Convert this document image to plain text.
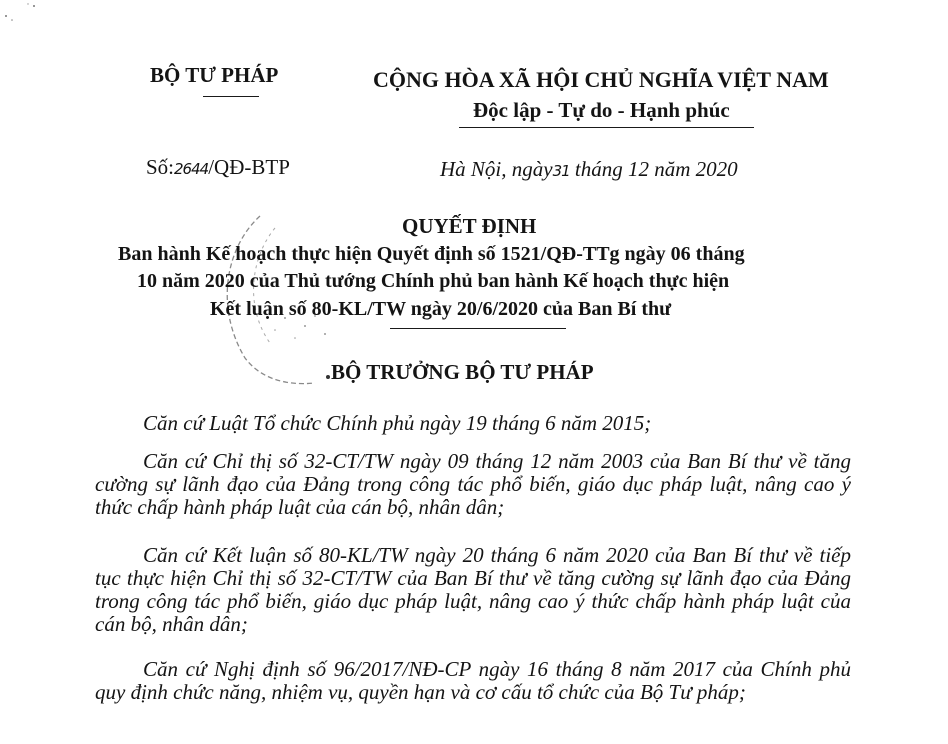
BỘ TƯ PHÁP	CỘNG HÒA XÃ HỘI CHỦ NGHĨA VIỆT NAM
Độc lập - Tự do - Hạnh phúc
Số:2644/QĐ-BTP	Hà Nội, ngày31 tháng 12 năm 2020
QUYẾT ĐỊNH
Ban hành Kế hoạch thực hiện Quyết định số 1521/QĐ-TTg ngày 06 tháng
10 năm 2020 của Thủ tướng Chính phủ ban hành Kế hoạch thực hiện
Kết luận số 80-KL/TW ngày 20/6/2020 của Ban Bí thư
BỘ TRƯỞNG BỘ TƯ PHÁP
Căn cứ Luật Tổ chức Chính phủ ngày 19 tháng 6 năm 2015;
Căn cứ Chỉ thị số 32-CT/TW ngày 09 tháng 12 năm 2003 của Ban Bí thư về tăng cường sự lãnh đạo của Đảng trong công tác phổ biến, giáo dục pháp luật, nâng cao ý thức chấp hành pháp luật của cán bộ, nhân dân;
Căn cứ Kết luận số 80-KL/TW ngày 20 tháng 6 năm 2020 của Ban Bí thư về tiếp tục thực hiện Chỉ thị số 32-CT/TW của Ban Bí thư về tăng cường sự lãnh đạo của Đảng trong công tác phổ biến, giáo dục pháp luật, nâng cao ý thức chấp hành pháp luật của cán bộ, nhân dân;
Căn cứ Nghị định số 96/2017/NĐ-CP ngày 16 tháng 8 năm 2017 của Chính phủ quy định chức năng, nhiệm vụ, quyền hạn và cơ cấu tổ chức của Bộ Tư pháp;
